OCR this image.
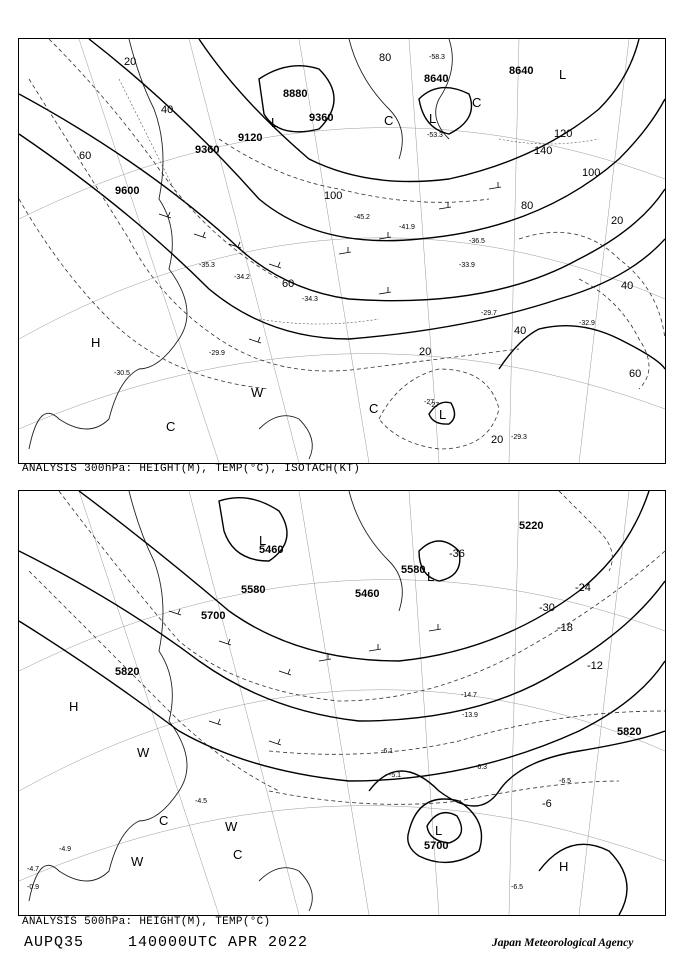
9600
9360
9120
8880
8640
8640
9360
20
40
60
80
100
120
140
100
80
60
40
20
20
40
60
20
-29.7
-33.9
-34.3
-35.3
-36.5
-32.9
-29.3
-27
-27
-29.9
-30.5
-34.2
-41.9
-45.2
-53.3
-58.3
H
L	L
L
L
W
C
C
C
C
ANALYSIS 300hPa: HEIGHT(M), TEMP(°C), ISOTACH(KT)
5460
5580
5700
5820
5460
5220
5580
5820
5700
-36
-30
-24
-18
-12
-6
-6.5
-6.3
-13.9
-14.7
-6.1
-5.1
-4.9
-4.5
-4.7
-0.9	-6.5
H
H
L
L
L
W
W
W
C
C
ANALYSIS 500hPa: HEIGHT(M), TEMP(°C)
AUPQ35	140000UTC APR 2022	Japan Meteorological Agency
